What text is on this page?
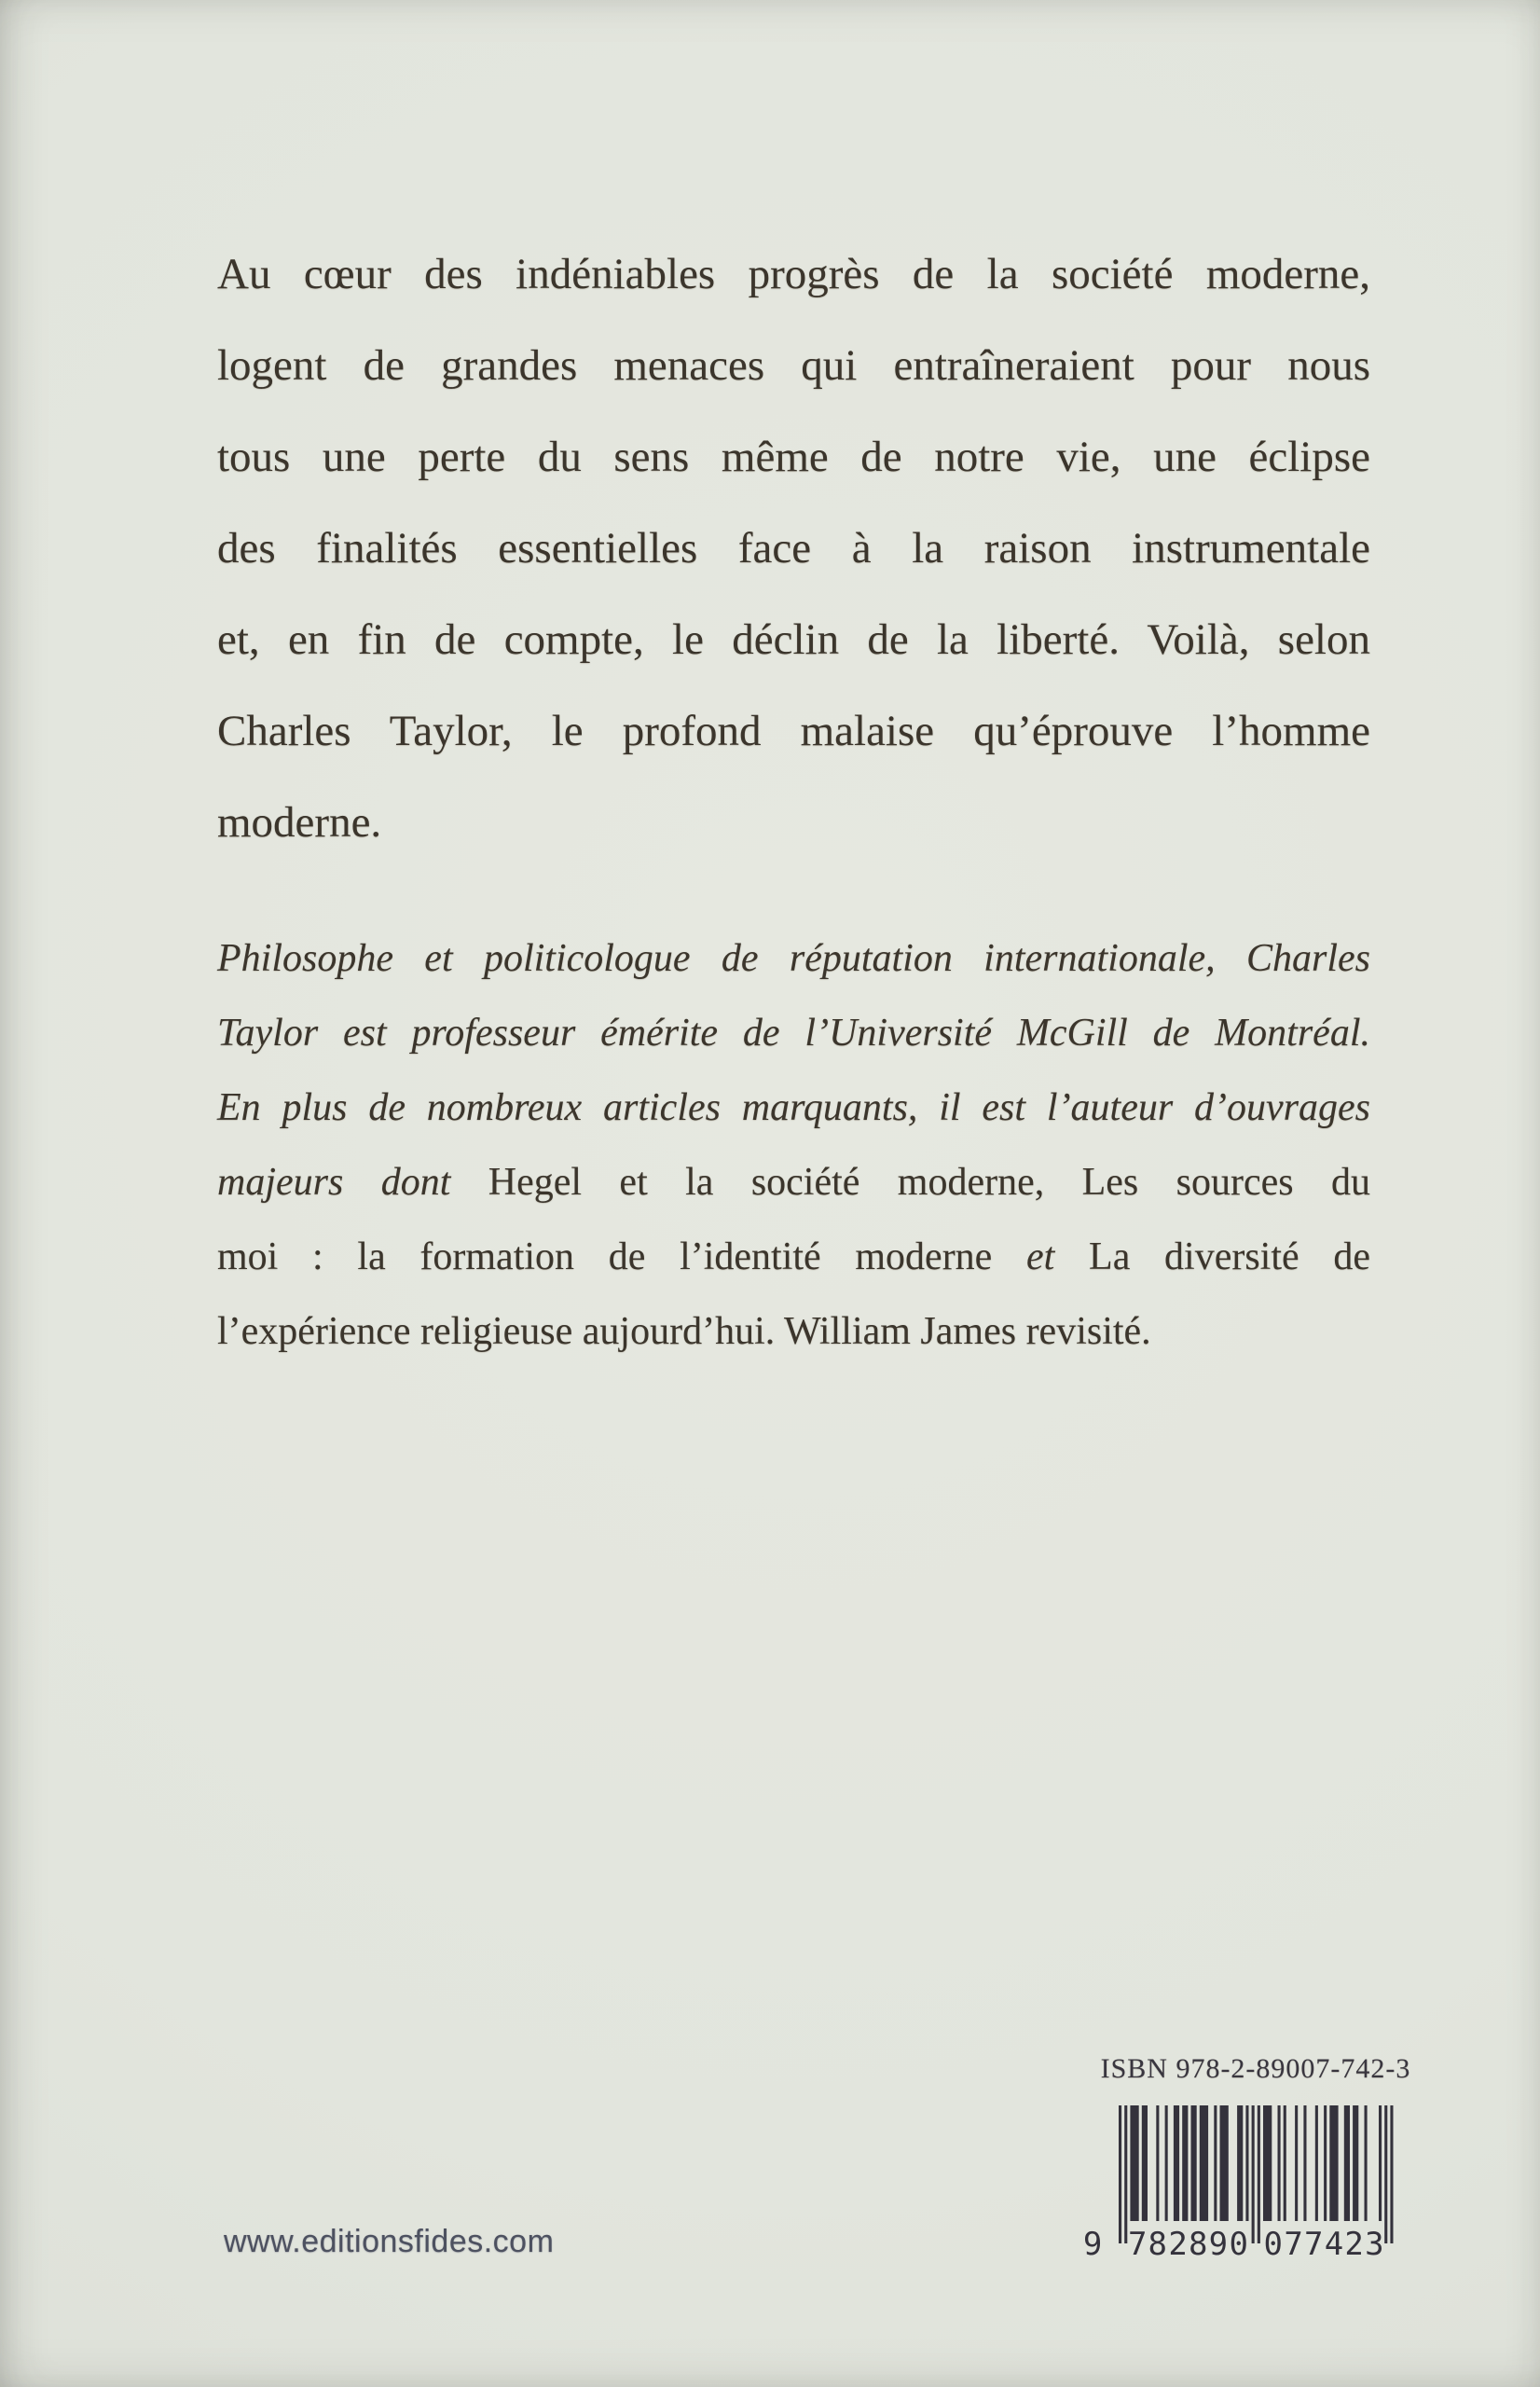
Au cœur des indéniables progrès de la société moderne,
logent de grandes menaces qui entraîneraient pour nous
tous une perte du sens même de notre vie, une éclipse
des finalités essentielles face à la raison instrumentale
et, en fin de compte, le déclin de la liberté. Voilà, selon
Charles Taylor, le profond malaise qu’éprouve l’homme
moderne.
Philosophe et politicologue de réputation internationale, Charles
Taylor est professeur émérite de l’Université McGill de Montréal.
En plus de nombreux articles marquants, il est l’auteur d’ouvrages
majeurs dont Hegel et la société moderne, Les sources du
moi : la formation de l’identité moderne et La diversité de
l’expérience religieuse aujourd’hui. William James revisité.
ISBN 978-2-89007-742-3
9 7 8 2 8 9 0 0 7 7 4 2 3
www.editionsfides.com
